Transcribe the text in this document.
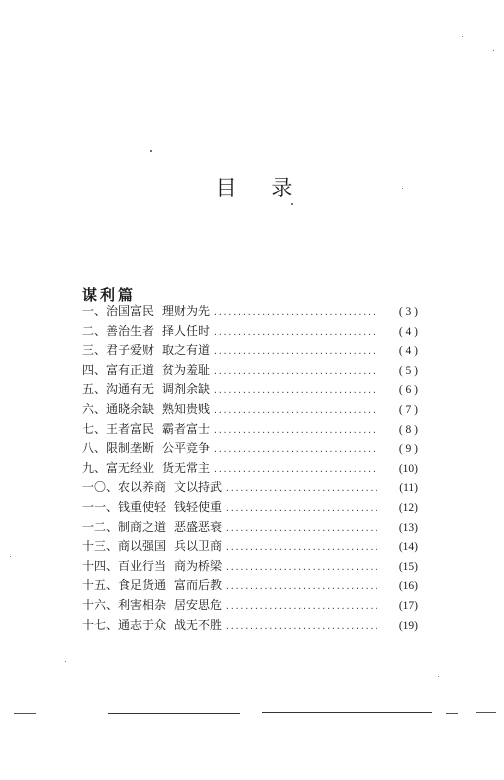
目 录
谋利篇
一、 治国富民 理财为先 .....	( 3 )
二、 善治生者 择人任时 .....	( 4 )
三、 君子爱财 取之有道 .....	( 4 )
四、 富有正道 贫为羞耻 .....	( 5 )
五、 沟通有无 调剂余缺 .....	( 6 )
六、 通晓余缺 熟知贵贱 .....	( 7 )
七、 王者富民 霸者富士 .....	( 8 )
八、 限制垄断 公平竞争 .....	( 9 )
九、 富无经业 货无常主 .....	(10)
一〇、 农以养商 文以持武 .....	(11)
一一、 钱重使轻 钱轻使重 .....	(12)
一二、 制商之道 恶盛恶衰 .....	(13)
十三、 商以强国 兵以卫商 .....	(14)
十四、 百业行当 商为桥梁 .....	(15)
十五、 食足货通 富而后教 .....	(16)
十六、 利害相杂 居安思危 .....	(17)
十七、 通志于众 战无不胜 .....	(19)
